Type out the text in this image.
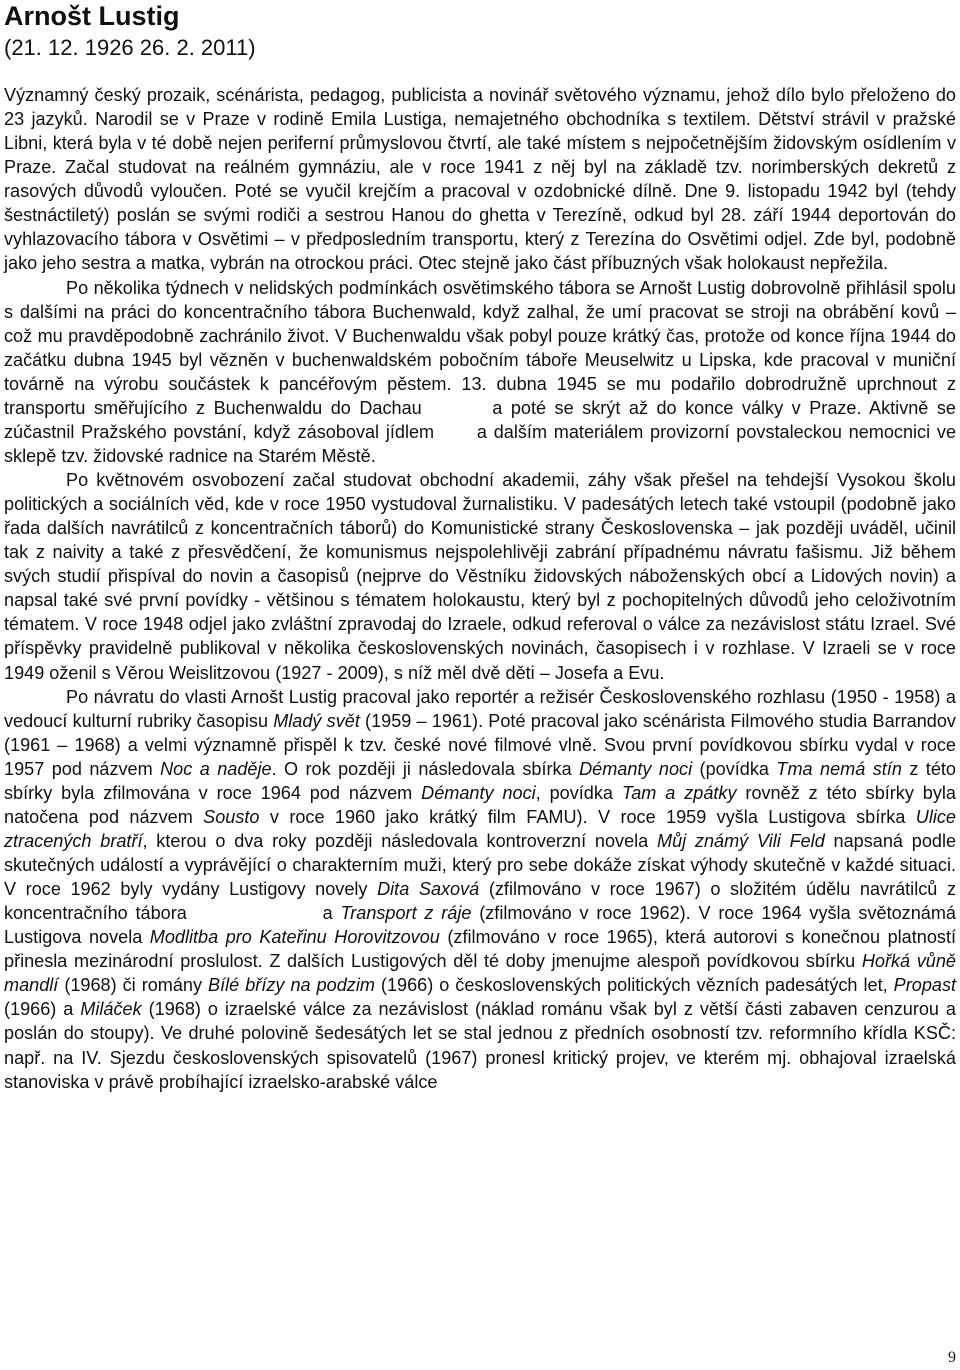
Arnošt Lustig
(21. 12. 1926 26. 2. 2011)

Významný český prozaik, scénárista, pedagog, publicista a novinář světového významu, jehož dílo bylo přeloženo do 23 jazyků. Narodil se v Praze v rodině Emila Lustiga, nemajetného obchodníka s textilem. Dětství strávil v pražské Libni, která byla v té době nejen periferní průmyslovou čtvrtí, ale také místem s nejpočetnějším židovským osídlením v Praze. Začal studovat na reálném gymnáziu, ale v roce 1941 z něj byl na základě tzv. norimberských dekretů z rasových důvodů vyloučen. Poté se vyučil krejčím a pracoval v ozdobnické dílně. Dne 9. listopadu 1942 byl (tehdy šestnáctiletý) poslán se svými rodiči a sestrou Hanou do ghetta v Terezíně, odkud byl 28. září 1944 deportován do vyhlazovacího tábora v Osvětimi – v předposledním transportu, který z Terezína do Osvětimi odjel. Zde byl, podobně jako jeho sestra a matka, vybrán na otrockou práci. Otec stejně jako část příbuzných však holokaust nepřežila.

Po několika týdnech v nelidských podmínkách osvětimského tábora se Arnošt Lustig dobrovolně přihlásil spolu s dalšími na práci do koncentračního tábora Buchenwald, když zalhal, že umí pracovat se stroji na obrábění kovů – což mu pravděpodobně zachránilo život. V Buchenwaldu však pobyl pouze krátký čas, protože od konce října 1944 do začátku dubna 1945 byl vězněn v buchenwaldském pobočním táboře Meuselwitz u Lipska, kde pracoval v muniční továrně na výrobu součástek k pancéřovým pěstem. 13. dubna 1945 se mu podařilo dobrodružně uprchnout z transportu směřujícího z Buchenwaldu do Dachau	a poté se skrýt až do konce války v Praze. Aktivně se zúčastnil Pražského povstání, když zásoboval jídlem a dalším materiálem provizorní povstaleckou nemocnici ve sklepě tzv. židovské radnice na Starém Městě.

Po květnovém osvobození začal studovat obchodní akademii, záhy však přešel na tehdejší Vysokou školu politických a sociálních věd, kde v roce 1950 vystudoval žurnalistiku. V padesátých letech také vstoupil (podobně jako řada dalších navrátilců z koncentračních táborů) do Komunistické strany Československa – jak později uváděl, učinil tak z naivity a také z přesvědčení, že komunismus nejspolehlivěji zabrání případnému návratu fašismu. Již během svých studií přispíval do novin a časopisů (nejprve do Věstníku židovských náboženských obcí a Lidových novin) a napsal také své první povídky - většinou s tématem holokaustu, který byl z pochopitelných důvodů jeho celoživotním tématem. V roce 1948 odjel jako zvláštní zpravodaj do Izraele, odkud referoval o válce za nezávislost státu Izrael. Své příspěvky pravidelně publikoval v několika československých novinách, časopisech i v rozhlase. V Izraeli se v roce 1949 oženil s Věrou Weislitzovou (1927 - 2009), s níž měl dvě děti – Josefa a Evu.

Po návratu do vlasti Arnošt Lustig pracoval jako reportér a režisér Československého rozhlasu (1950 - 1958) a vedoucí kulturní rubriky časopisu Mladý svět (1959 – 1961). Poté pracoval jako scénárista Filmového studia Barrandov (1961 – 1968) a velmi významně přispěl k tzv. české nové filmové vlně. Svou první povídkovou sbírku vydal v roce 1957 pod názvem Noc a naděje. O rok později ji následovala sbírka Démanty noci (povídka Tma nemá stín z této sbírky byla zfilmována v roce 1964 pod názvem Démanty noci, povídka Tam a zpátky rovněž z této sbírky byla natočena pod názvem Sousto v roce 1960 jako krátký film FAMU). V roce 1959 vyšla Lustigova sbírka Ulice ztracených bratří, kterou o dva roky později následovala kontroverzní novela Můj známý Vili Feld napsaná podle skutečných událostí a vyprávějící o charakterním muži, který pro sebe dokáže získat výhody skutečně v každé situaci. V roce 1962 byly vydány Lustigovy novely Dita Saxová (zfilmováno v roce 1967) o složitém údělu navrátilců z koncentračního tábora	a Transport z ráje (zfilmováno v roce 1962). V roce 1964 vyšla světoznámá Lustigova novela Modlitba pro Kateřinu Horovitzovou (zfilmováno v roce 1965), která autorovi s konečnou platností přinesla mezinárodní proslulost. Z dalších Lustigových děl té doby jmenujme alespoň povídkovou sbírku Hořká vůně mandlí (1968) či romány Bílé břízy na podzim (1966) o československých politických vězních padesátých let, Propast (1966) a Miláček (1968) o izraelské válce za nezávislost (náklad románu však byl z větší části zabaven cenzurou a poslán do stoupy). Ve druhé polovině šedesátých let se stal jednou z předních osobností tzv. reformního křídla KSČ: např. na IV. Sjezdu československých spisovatelů (1967) pronesl kritický projev, ve kterém mj. obhajoval izraelská stanoviska v právě probíhající izraelsko-arabské válce

9
